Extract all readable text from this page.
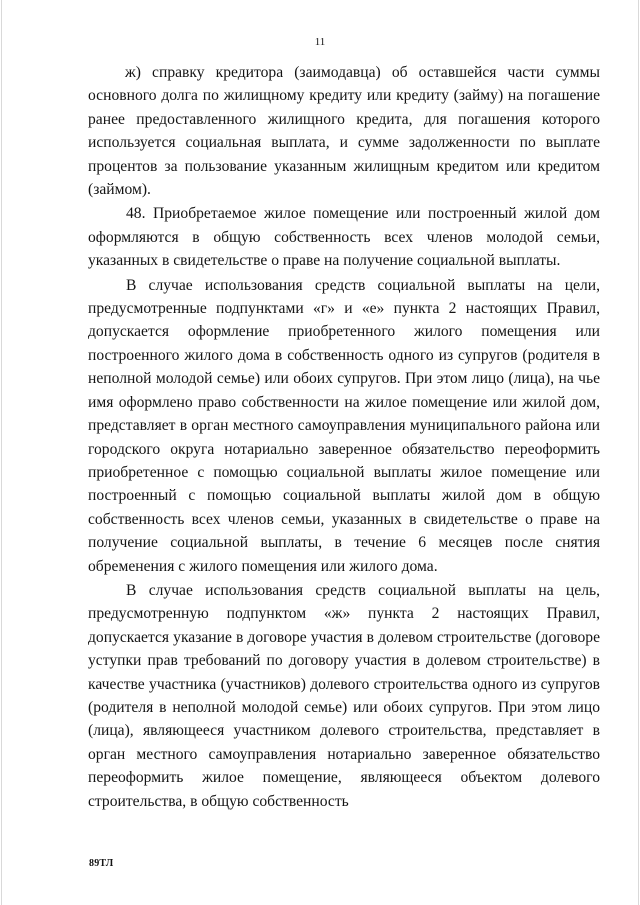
11

ж) справку кредитора (заимодавца) об оставшейся части суммы основного долга по жилищному кредиту или кредиту (займу) на погашение ранее предоставленного жилищного кредита, для погашения которого используется социальная выплата, и сумме задолженности по выплате процентов за пользование указанным жилищным кредитом или кредитом (займом).

48. Приобретаемое жилое помещение или построенный жилой дом оформляются в общую собственность всех членов молодой семьи, указанных в свидетельстве о праве на получение социальной выплаты.

В случае использования средств социальной выплаты на цели, предусмотренные подпунктами «г» и «е» пункта 2 настоящих Правил, допускается оформление приобретенного жилого помещения или построенного жилого дома в собственность одного из супругов (родителя в неполной молодой семье) или обоих супругов. При этом лицо (лица), на чье имя оформлено право собственности на жилое помещение или жилой дом, представляет в орган местного самоуправления муниципального района или городского округа нотариально заверенное обязательство переоформить приобретенное с помощью социальной выплаты жилое помещение или построенный с помощью социальной выплаты жилой дом в общую собственность всех членов семьи, указанных в свидетельстве о праве на получение социальной выплаты, в течение 6 месяцев после снятия обременения с жилого помещения или жилого дома.

В случае использования средств социальной выплаты на цель, предусмотренную подпунктом «ж» пункта 2 настоящих Правил, допускается указание в договоре участия в долевом строительстве (договоре уступки прав требований по договору участия в долевом строительстве) в качестве участника (участников) долевого строительства одного из супругов (родителя в неполной молодой семье) или обоих супругов. При этом лицо (лица), являющееся участником долевого строительства, представляет в орган местного самоуправления нотариально заверенное обязательство переоформить жилое помещение, являющееся объектом долевого строительства, в общую собственность

89ТЛ
